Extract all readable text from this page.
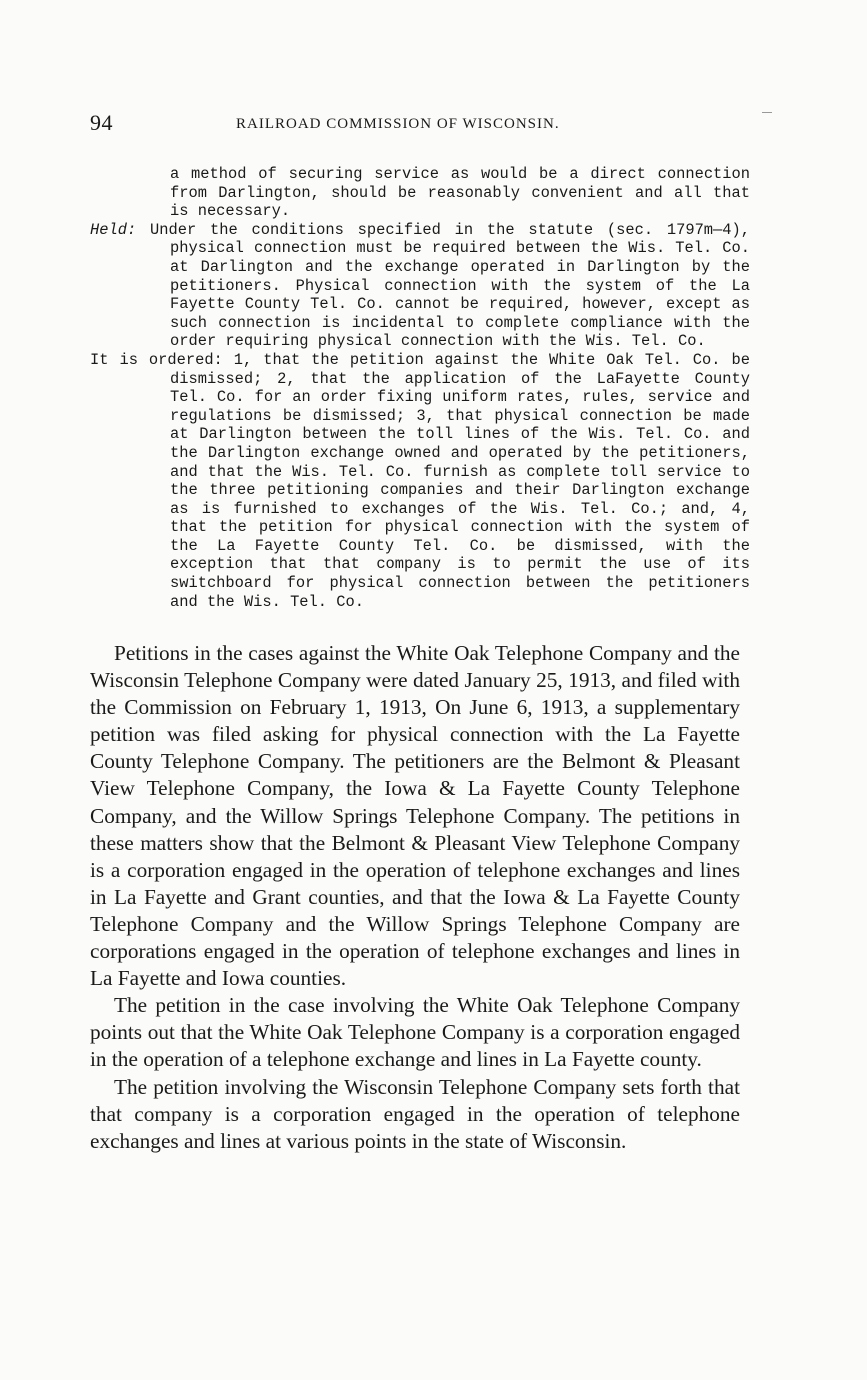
94	RAILROAD COMMISSION OF WISCONSIN.

a method of securing service as would be a direct connection from Darlington, should be reasonably convenient and all that is necessary.

Held: Under the conditions specified in the statute (sec. 1797m—4), physical connection must be required between the Wis. Tel. Co. at Darlington and the exchange operated in Darlington by the petitioners. Physical connection with the system of the La Fayette County Tel. Co. cannot be required, however, except as such connection is incidental to complete compliance with the order requiring physical connection with the Wis. Tel. Co.

It is ordered: 1, that the petition against the White Oak Tel. Co. be dismissed; 2, that the application of the LaFayette County Tel. Co. for an order fixing uniform rates, rules, service and regulations be dismissed; 3, that physical connection be made at Darlington between the toll lines of the Wis. Tel. Co. and the Darlington exchange owned and operated by the petitioners, and that the Wis. Tel. Co. furnish as complete toll service to the three petitioning companies and their Darlington exchange as is furnished to exchanges of the Wis. Tel. Co.; and, 4, that the petition for physical connection with the system of the La Fayette County Tel. Co. be dismissed, with the exception that that company is to permit the use of its switchboard for physical connection between the petitioners and the Wis. Tel. Co.

Petitions in the cases against the White Oak Telephone Company and the Wisconsin Telephone Company were dated January 25, 1913, and filed with the Commission on February 1, 1913, On June 6, 1913, a supplementary petition was filed asking for physical connection with the La Fayette County Telephone Company. The petitioners are the Belmont & Pleasant View Telephone Company, the Iowa & La Fayette County Telephone Company, and the Willow Springs Telephone Company. The petitions in these matters show that the Belmont & Pleasant View Telephone Company is a corporation engaged in the operation of telephone exchanges and lines in La Fayette and Grant counties, and that the Iowa & La Fayette County Telephone Company and the Willow Springs Telephone Company are corporations engaged in the operation of telephone exchanges and lines in La Fayette and Iowa counties.

The petition in the case involving the White Oak Telephone Company points out that the White Oak Telephone Company is a corporation engaged in the operation of a telephone exchange and lines in La Fayette county.

The petition involving the Wisconsin Telephone Company sets forth that that company is a corporation engaged in the operation of telephone exchanges and lines at various points in the state of Wisconsin.
